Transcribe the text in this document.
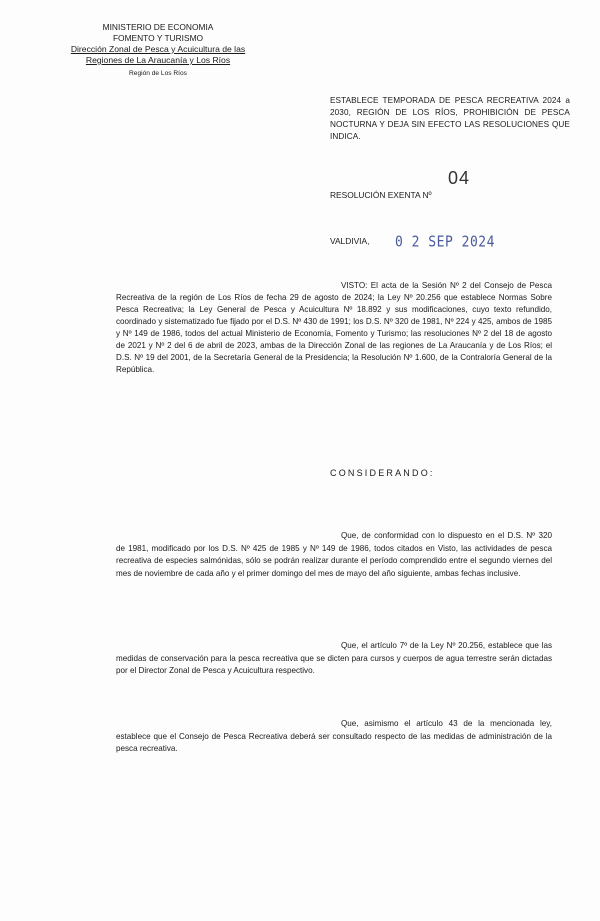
MINISTERIO DE ECONOMIA
FOMENTO Y TURISMO
Dirección Zonal de Pesca y Acuicultura de las
Regiones de La Araucanía y Los Ríos
Región de Los Ríos
ESTABLECE TEMPORADA DE PESCA RECREATIVA 2024 a 2030, REGIÓN DE LOS RÍOS, PROHIBICIÓN DE PESCA NOCTURNA Y DEJA SIN EFECTO LAS RESOLUCIONES QUE INDICA.
RESOLUCIÓN EXENTA Nº
04
VALDIVIA, 0 2 SEP 2024
VISTO: El acta de la Sesión Nº 2 del Consejo de Pesca Recreativa de la región de Los Ríos de fecha 29 de agosto de 2024; la Ley Nº 20.256 que establece Normas Sobre Pesca Recreativa; la Ley General de Pesca y Acuicultura Nº 18.892 y sus modificaciones, cuyo texto refundido, coordinado y sistematizado fue fijado por el D.S. Nº 430 de 1991; los D.S. Nº 320 de 1981, Nº 224 y 425, ambos de 1985 y Nº 149 de 1986, todos del actual Ministerio de Economía, Fomento y Turismo; las resoluciones Nº 2 del 18 de agosto de 2021 y Nº 2 del 6 de abril de 2023, ambas de la Dirección Zonal de las regiones de La Araucanía y de Los Ríos; el D.S. Nº 19 del 2001, de la Secretaría General de la Presidencia; la Resolución Nº 1.600, de la Contraloría General de la República.
CONSIDERANDO:

Que, de conformidad con lo dispuesto en el D.S. Nº 320 de 1981, modificado por los D.S. Nº 425 de 1985 y Nº 149 de 1986, todos citados en Visto, las actividades de pesca recreativa de especies salmónidas, sólo se podrán realizar durante el período comprendido entre el segundo viernes del mes de noviembre de cada año y el primer domingo del mes de mayo del año siguiente, ambas fechas inclusive.

Que, el artículo 7º de la Ley Nº 20.256, establece que las medidas de conservación para la pesca recreativa que se dicten para cursos y cuerpos de agua terrestre serán dictadas por el Director Zonal de Pesca y Acuicultura respectivo.

Que, asimismo el artículo 43 de la mencionada ley, establece que el Consejo de Pesca Recreativa deberá ser consultado respecto de las medidas de administración de la pesca recreativa.
